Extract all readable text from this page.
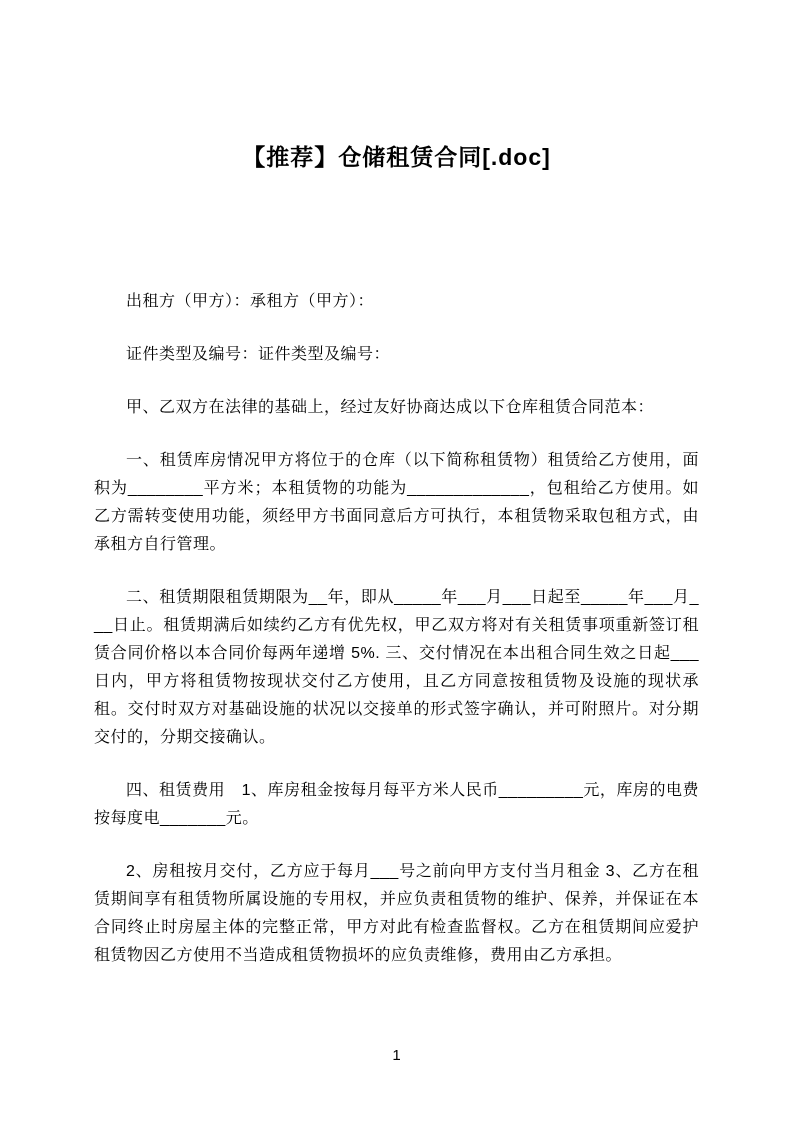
【推荐】仓储租赁合同[.doc]

出租方（甲方）：承租方（甲方）：

证件类型及编号：证件类型及编号：

甲、乙双方在法律的基础上，经过友好协商达成以下仓库租赁合同范本：

一、租赁库房情况甲方将位于的仓库（以下简称租赁物）租赁给乙方使用，面积为________平方米；本租赁物的功能为_____________，包租给乙方使用。如乙方需转变使用功能，须经甲方书面同意后方可执行，本租赁物采取包租方式，由承租方自行管理。

二、租赁期限租赁期限为__年，即从_____年___月___日起至_____年___月___日止。租赁期满后如续约乙方有优先权，甲乙双方将对有关租赁事项重新签订租赁合同价格以本合同价每两年递增 5%. 三、交付情况在本出租合同生效之日起___日内，甲方将租赁物按现状交付乙方使用，且乙方同意按租赁物及设施的现状承租。交付时双方对基础设施的状况以交接单的形式签字确认，并可附照片。对分期交付的，分期交接确认。

四、租赁费用　1、库房租金按每月每平方米人民币_________元，库房的电费按每度电_______元。

2、房租按月交付，乙方应于每月___号之前向甲方支付当月租金 3、乙方在租赁期间享有租赁物所属设施的专用权，并应负责租赁物的维护、保养，并保证在本合同终止时房屋主体的完整正常，甲方对此有检查监督权。乙方在租赁期间应爱护租赁物因乙方使用不当造成租赁物损坏的应负责维修，费用由乙方承担。

1
